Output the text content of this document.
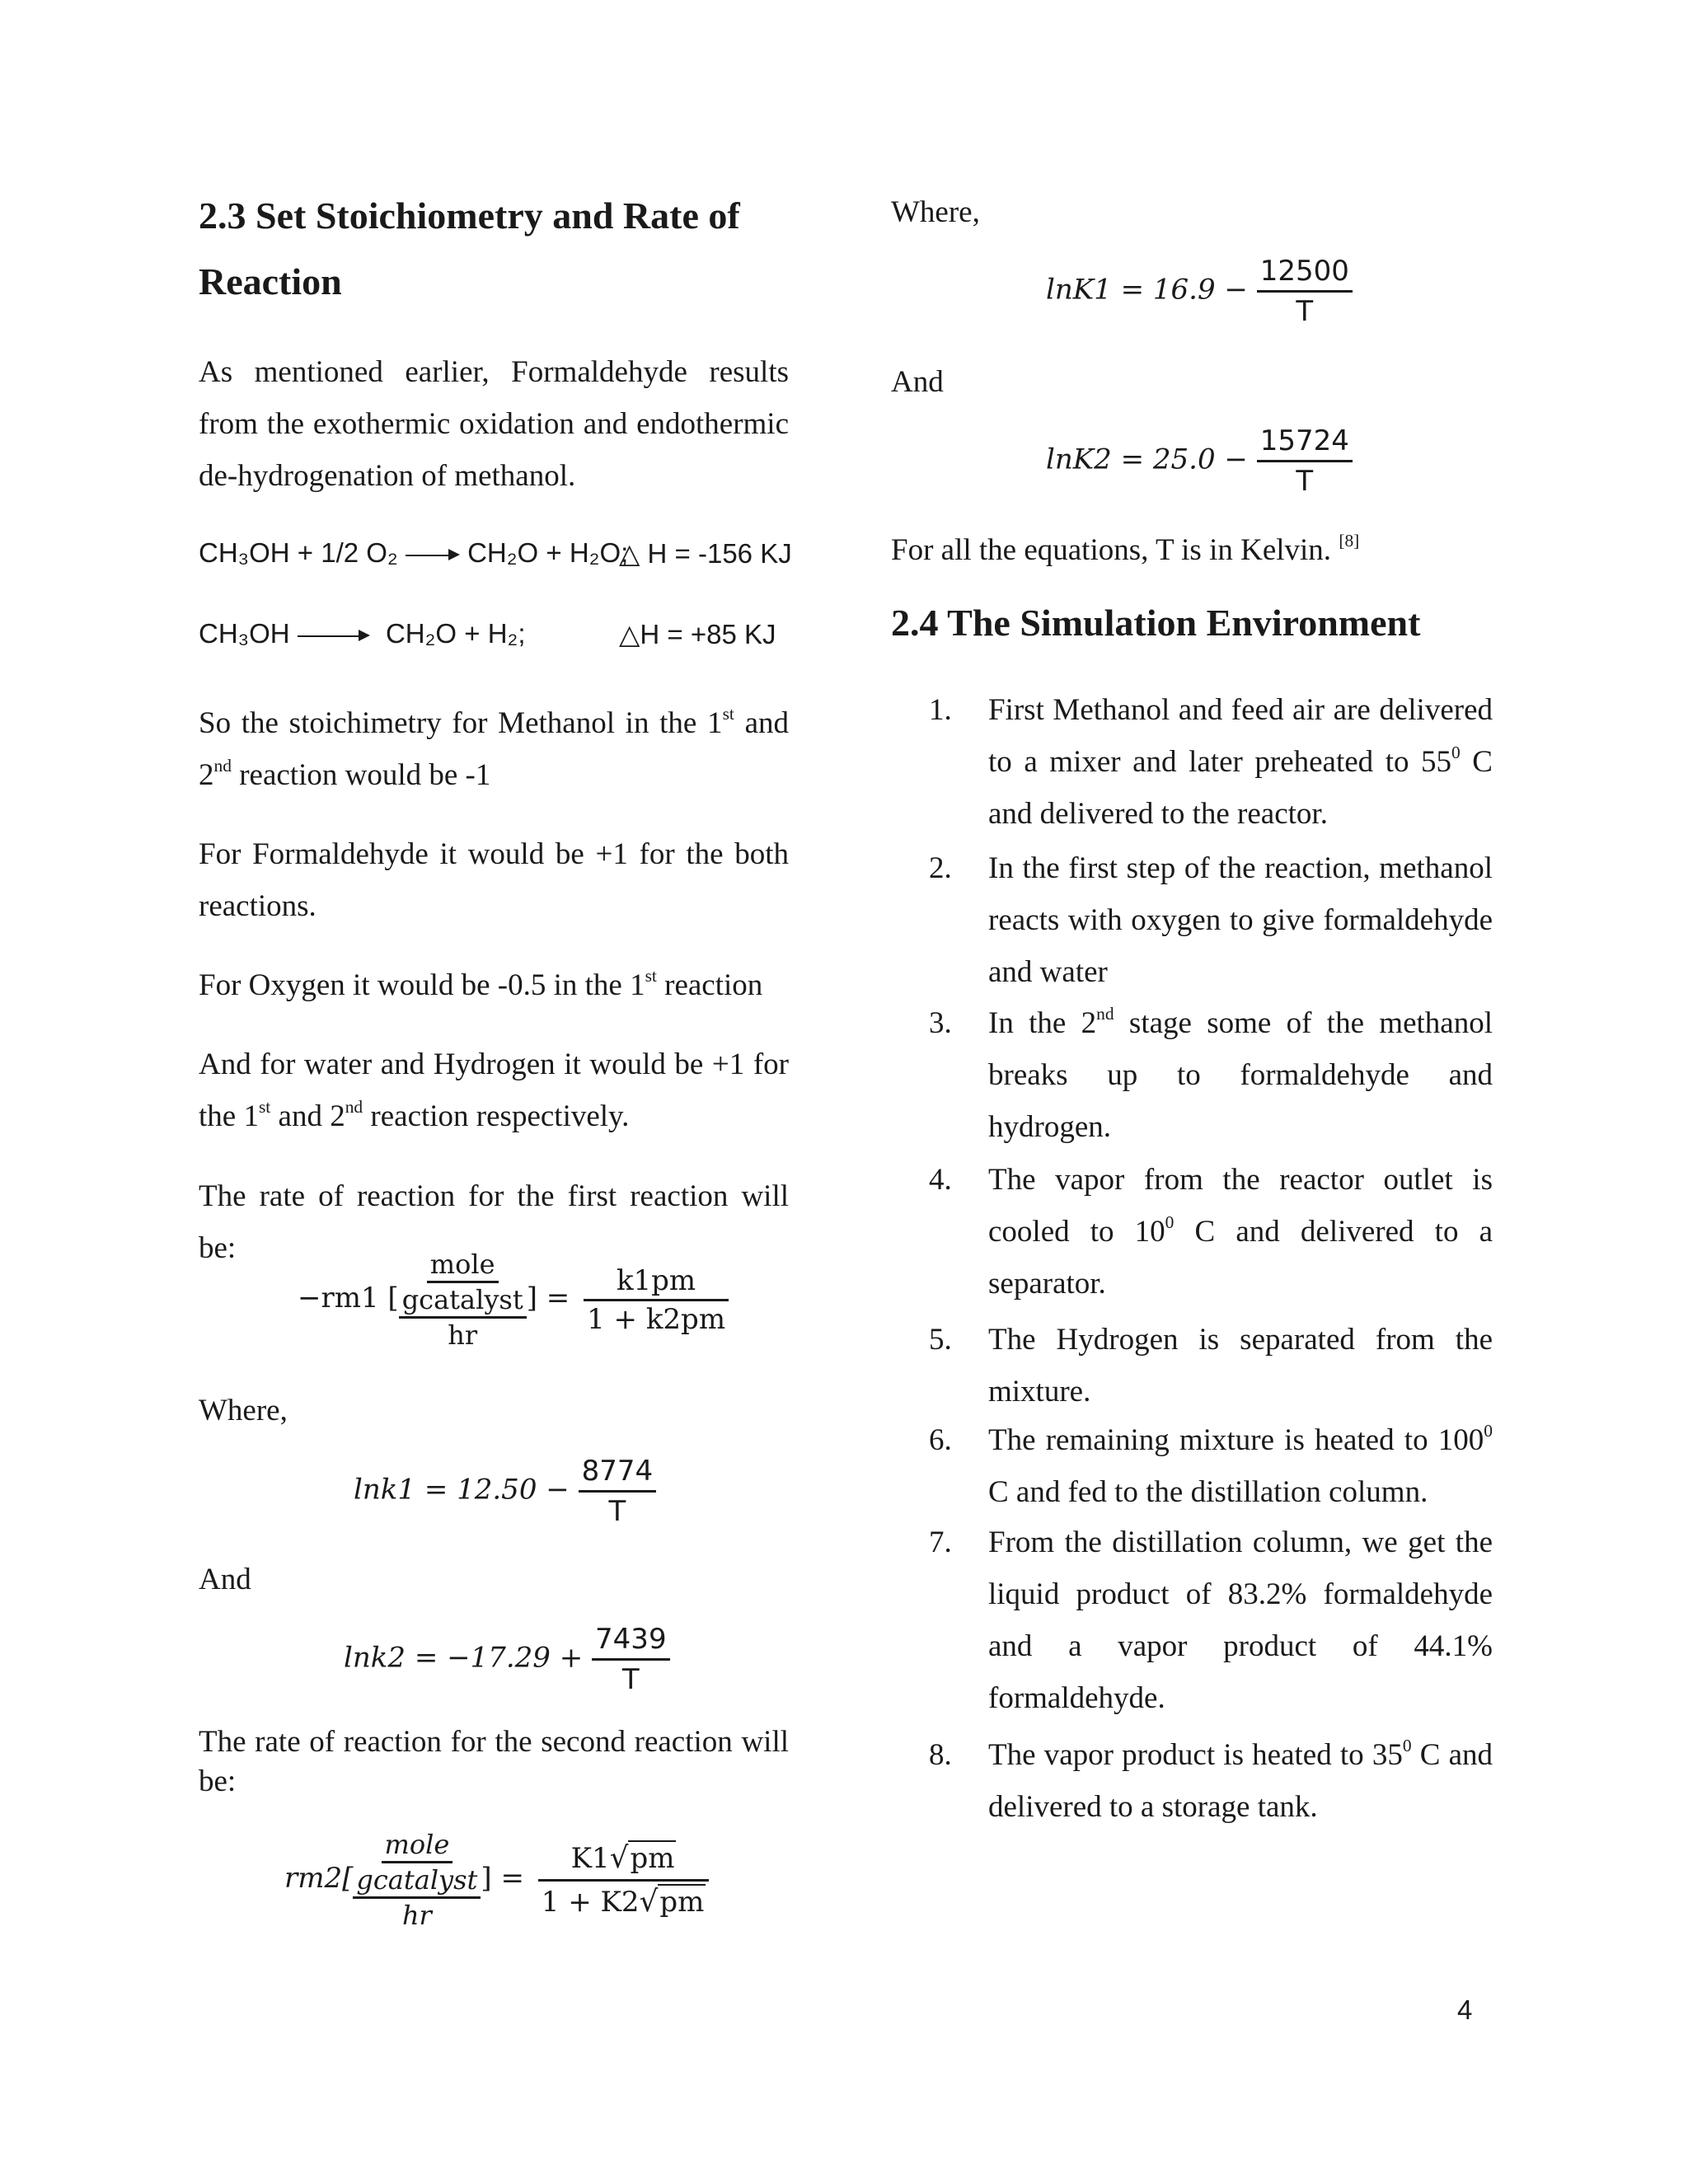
2.3 Set Stoichiometry and Rate of Reaction

As mentioned earlier, Formaldehyde results from the exothermic oxidation and endothermic de-hydrogenation of methanol.

CH₃OH + 1/2 O₂	CH₂O + H₂O;
△ H = -156 KJ
CH₃OH	CH₂O + H₂;	△H = +85 KJ

So the stoichimetry for Methanol in the 1st and 2nd reaction would be -1

For Formaldehyde it would be +1 for the both reactions.

For Oxygen it would be -0.5 in the 1st reaction

And for water and Hydrogen it would be +1 for the 1st and 2nd reaction respectively.

The rate of reaction for the first reaction will be:

−rm1 [
mole
gcatalyst
hr
] = $\frac{k1pm}{1 + k2pm}$

Where,

$\ln k1 = 12.50 - \frac{8774}{T}$

And

$\ln k2 = -17.29 + \frac{7439}{T}$

The rate of reaction for the second reaction will be:

rm2[
mole
gcatalyst
hr
] = $\frac{K1√pm}{1 + K2√pm}$

Where,

$\ln K1 = 16.9 - \frac{12500}{T}$

And

$\ln K2 = 25.0 - \frac{15724}{T}$

For all the equations, T is in Kelvin. [8]

2.4 The Simulation Environment
1.	First Methanol and feed air are delivered to a mixer and later preheated to $55^0$ C and delivered to the reactor.
2.	In the first step of the reaction, methanol reacts with oxygen to give formaldehyde and water
3.	In the 2nd stage some of the methanol breaks up to formaldehyde and hydrogen.
4.	The vapor from the reactor outlet is cooled to $10^0$ C and delivered to a separator.
5.	The Hydrogen is separated from the mixture.
6.	The remaining mixture is heated to $100^0$ C and fed to the distillation column.
7.	From the distillation column, we get the liquid product of 83.2% formaldehyde and a vapor product of 44.1% formaldehyde.
8.	The vapor product is heated to $35^0$ C and delivered to a storage tank.
4
